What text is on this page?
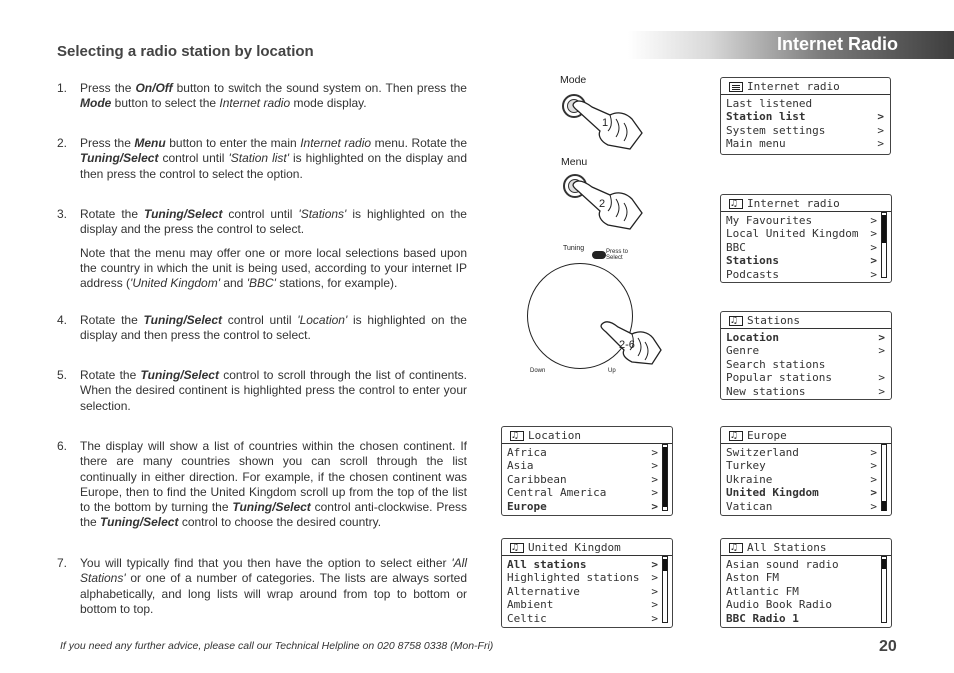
Internet Radio
Selecting a radio station by location
1. Press the On/Off button to switch the sound system on. Then press the Mode button to select the Internet radio mode display.
2. Press the Menu button to enter the main Internet radio menu. Rotate the Tuning/Select control until 'Station list' is highlighted on the display and then press the control to select the option.
3. Rotate the Tuning/Select control until 'Stations' is highlighted on the display and the press the control to select.
Note that the menu may offer one or more local selections based upon the country in which the unit is being used, according to your internet IP address ('United Kingdom' and 'BBC' stations, for example).
4. Rotate the Tuning/Select control until 'Location' is highlighted on the display and then press the control to select.
5. Rotate the Tuning/Select control to scroll through the list of continents. When the desired continent is highlighted press the control to enter your selection.
6. The display will show a list of countries within the chosen continent. If there are many countries shown you can scroll through the list continually in either direction. For example, if the chosen continent was Europe, then to find the United Kingdom scroll up from the top of the list to the bottom by turning the Tuning/Select control anti-clockwise. Press the Tuning/Select control to choose the desired country.
7. You will typically find that you then have the option to select either 'All Stations' or one of a number of categories. The lists are always sorted alphabetically, and long lists will wrap around from top to bottom or bottom to top.
Mode
1
Menu
2
Tuning	Press to
Select
Down	Up
2-6
Internet radio
Last listened
Station list	>
System settings	>
Main menu	>
♫
Internet radio
My Favourites	>
Local United Kingdom >
BBC	>
Stations	>
Podcasts	>
♫
Stations
Location	>
Genre	>
Search stations
Popular stations	>
New stations	>
♫
Location
Africa	>
Asia	>
Caribbean	>
Central America	>
Europe	>
♫
Europe
Switzerland	>
Turkey	>
Ukraine	>
United Kingdom	>
Vatican	>
♫
United Kingdom
All stations	>
Highlighted stations >
Alternative	>
Ambient	>
Celtic	>
♫
All Stations
Asian sound radio
Aston FM
Atlantic FM
Audio Book Radio
BBC Radio 1
If you need any further advice, please call our Technical Helpline on 020 8758 0338 (Mon-Fri)	20
